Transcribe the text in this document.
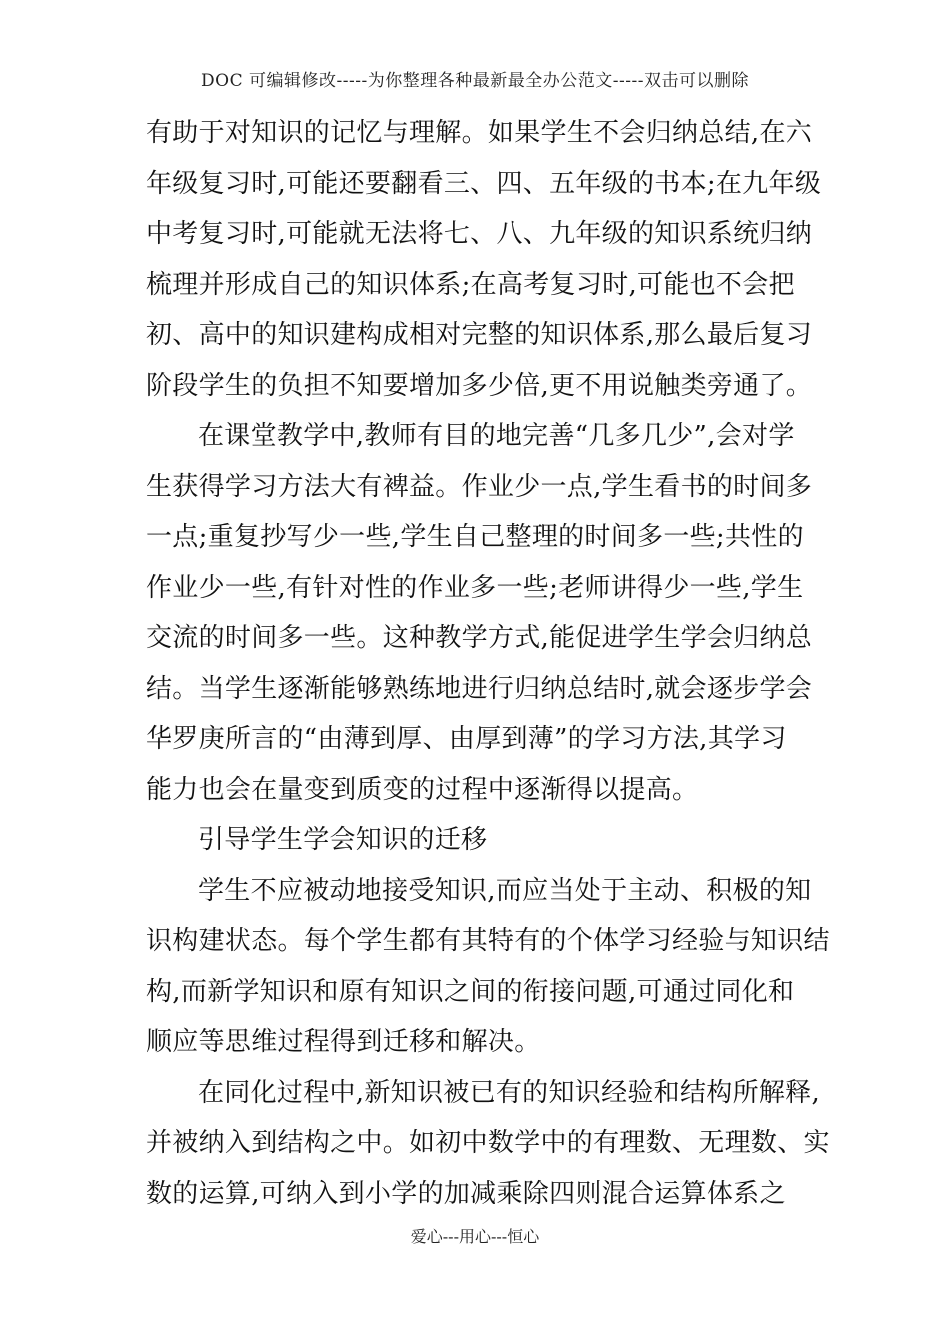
DOC 可编辑修改-----为你整理各种最新最全办公范文-----双击可以删除
有助于对知识的记忆与理解。如果学生不会归纳总结,在六
年级复习时,可能还要翻看三、四、五年级的书本;在九年级
中考复习时,可能就无法将七、八、九年级的知识系统归纳
梳理并形成自己的知识体系;在高考复习时,可能也不会把
初、高中的知识建构成相对完整的知识体系,那么最后复习
阶段学生的负担不知要增加多少倍,更不用说触类旁通了。
在课堂教学中,教师有目的地完善“几多几少”,会对学
生获得学习方法大有裨益。作业少一点,学生看书的时间多
一点;重复抄写少一些,学生自己整理的时间多一些;共性的
作业少一些,有针对性的作业多一些;老师讲得少一些,学生
交流的时间多一些。这种教学方式,能促进学生学会归纳总
结。当学生逐渐能够熟练地进行归纳总结时,就会逐步学会
华罗庚所言的“由薄到厚、由厚到薄”的学习方法,其学习
能力也会在量变到质变的过程中逐渐得以提高。
引导学生学会知识的迁移
学生不应被动地接受知识,而应当处于主动、积极的知
识构建状态。每个学生都有其特有的个体学习经验与知识结
构,而新学知识和原有知识之间的衔接问题,可通过同化和
顺应等思维过程得到迁移和解决。
在同化过程中,新知识被已有的知识经验和结构所解释,
并被纳入到结构之中。如初中数学中的有理数、无理数、实
数的运算,可纳入到小学的加减乘除四则混合运算体系之
爱心---用心---恒心
